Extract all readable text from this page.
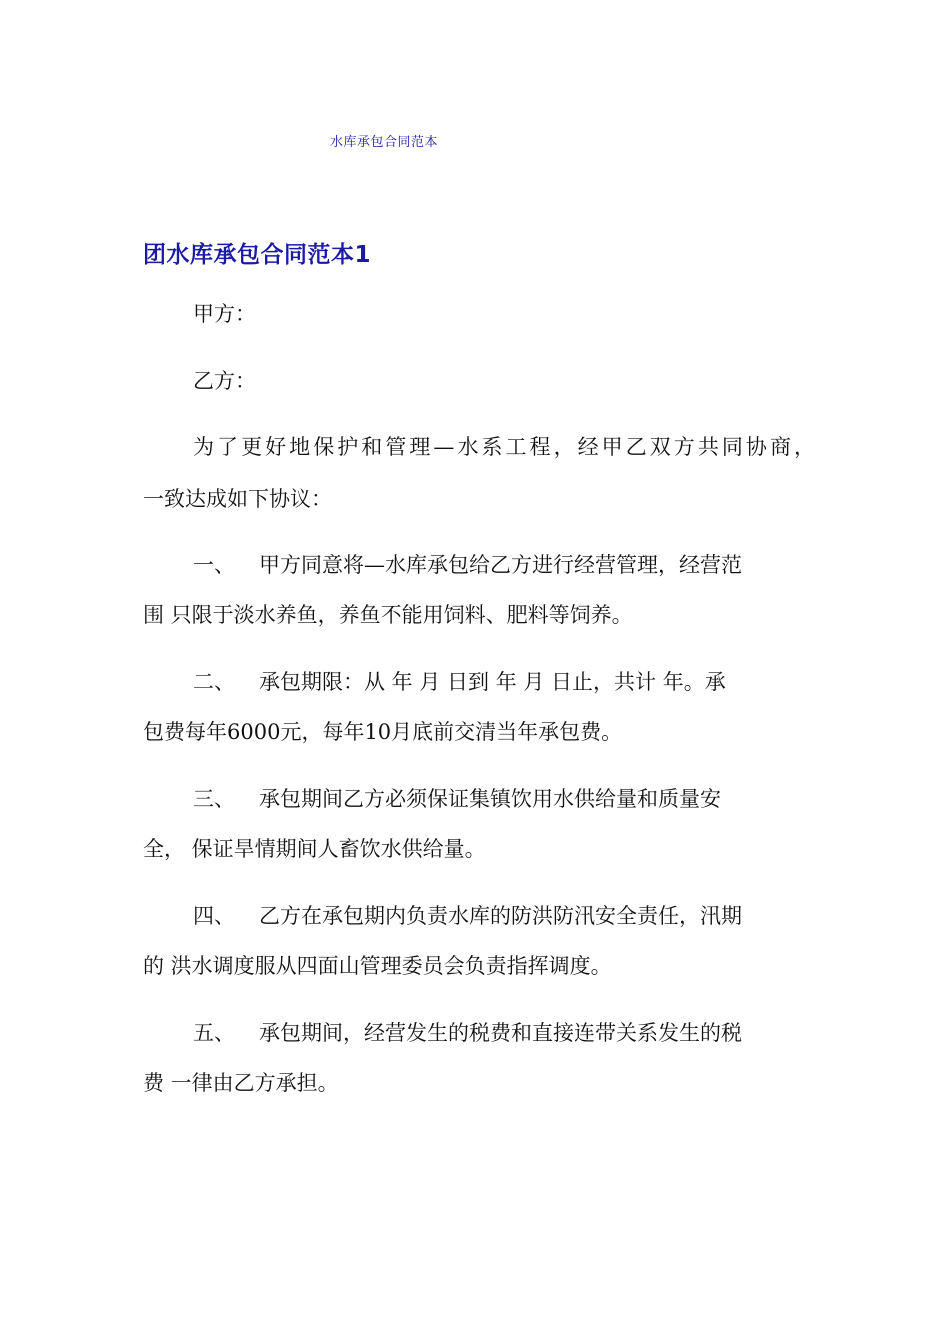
水库承包合同范本
团水库承包合同范本1
甲方：
乙方：
为了更好地保护和管理—水系工程，经甲乙双方共同协商，
一致达成如下协议：
一、 甲方同意将—水库承包给乙方进行经营管理，经营范
围 只限于淡水养鱼，养鱼不能用饲料、肥料等饲养。
二、 承包期限：从 年 月 日到 年 月 日止，共计 年。承
包费每年6000元，每年10月底前交清当年承包费。
三、 承包期间乙方必须保证集镇饮用水供给量和质量安
全， 保证旱情期间人畜饮水供给量。
四、 乙方在承包期内负责水库的防洪防汛安全责任，汛期
的 洪水调度服从四面山管理委员会负责指挥调度。
五、 承包期间，经营发生的税费和直接连带关系发生的税
费 一律由乙方承担。
